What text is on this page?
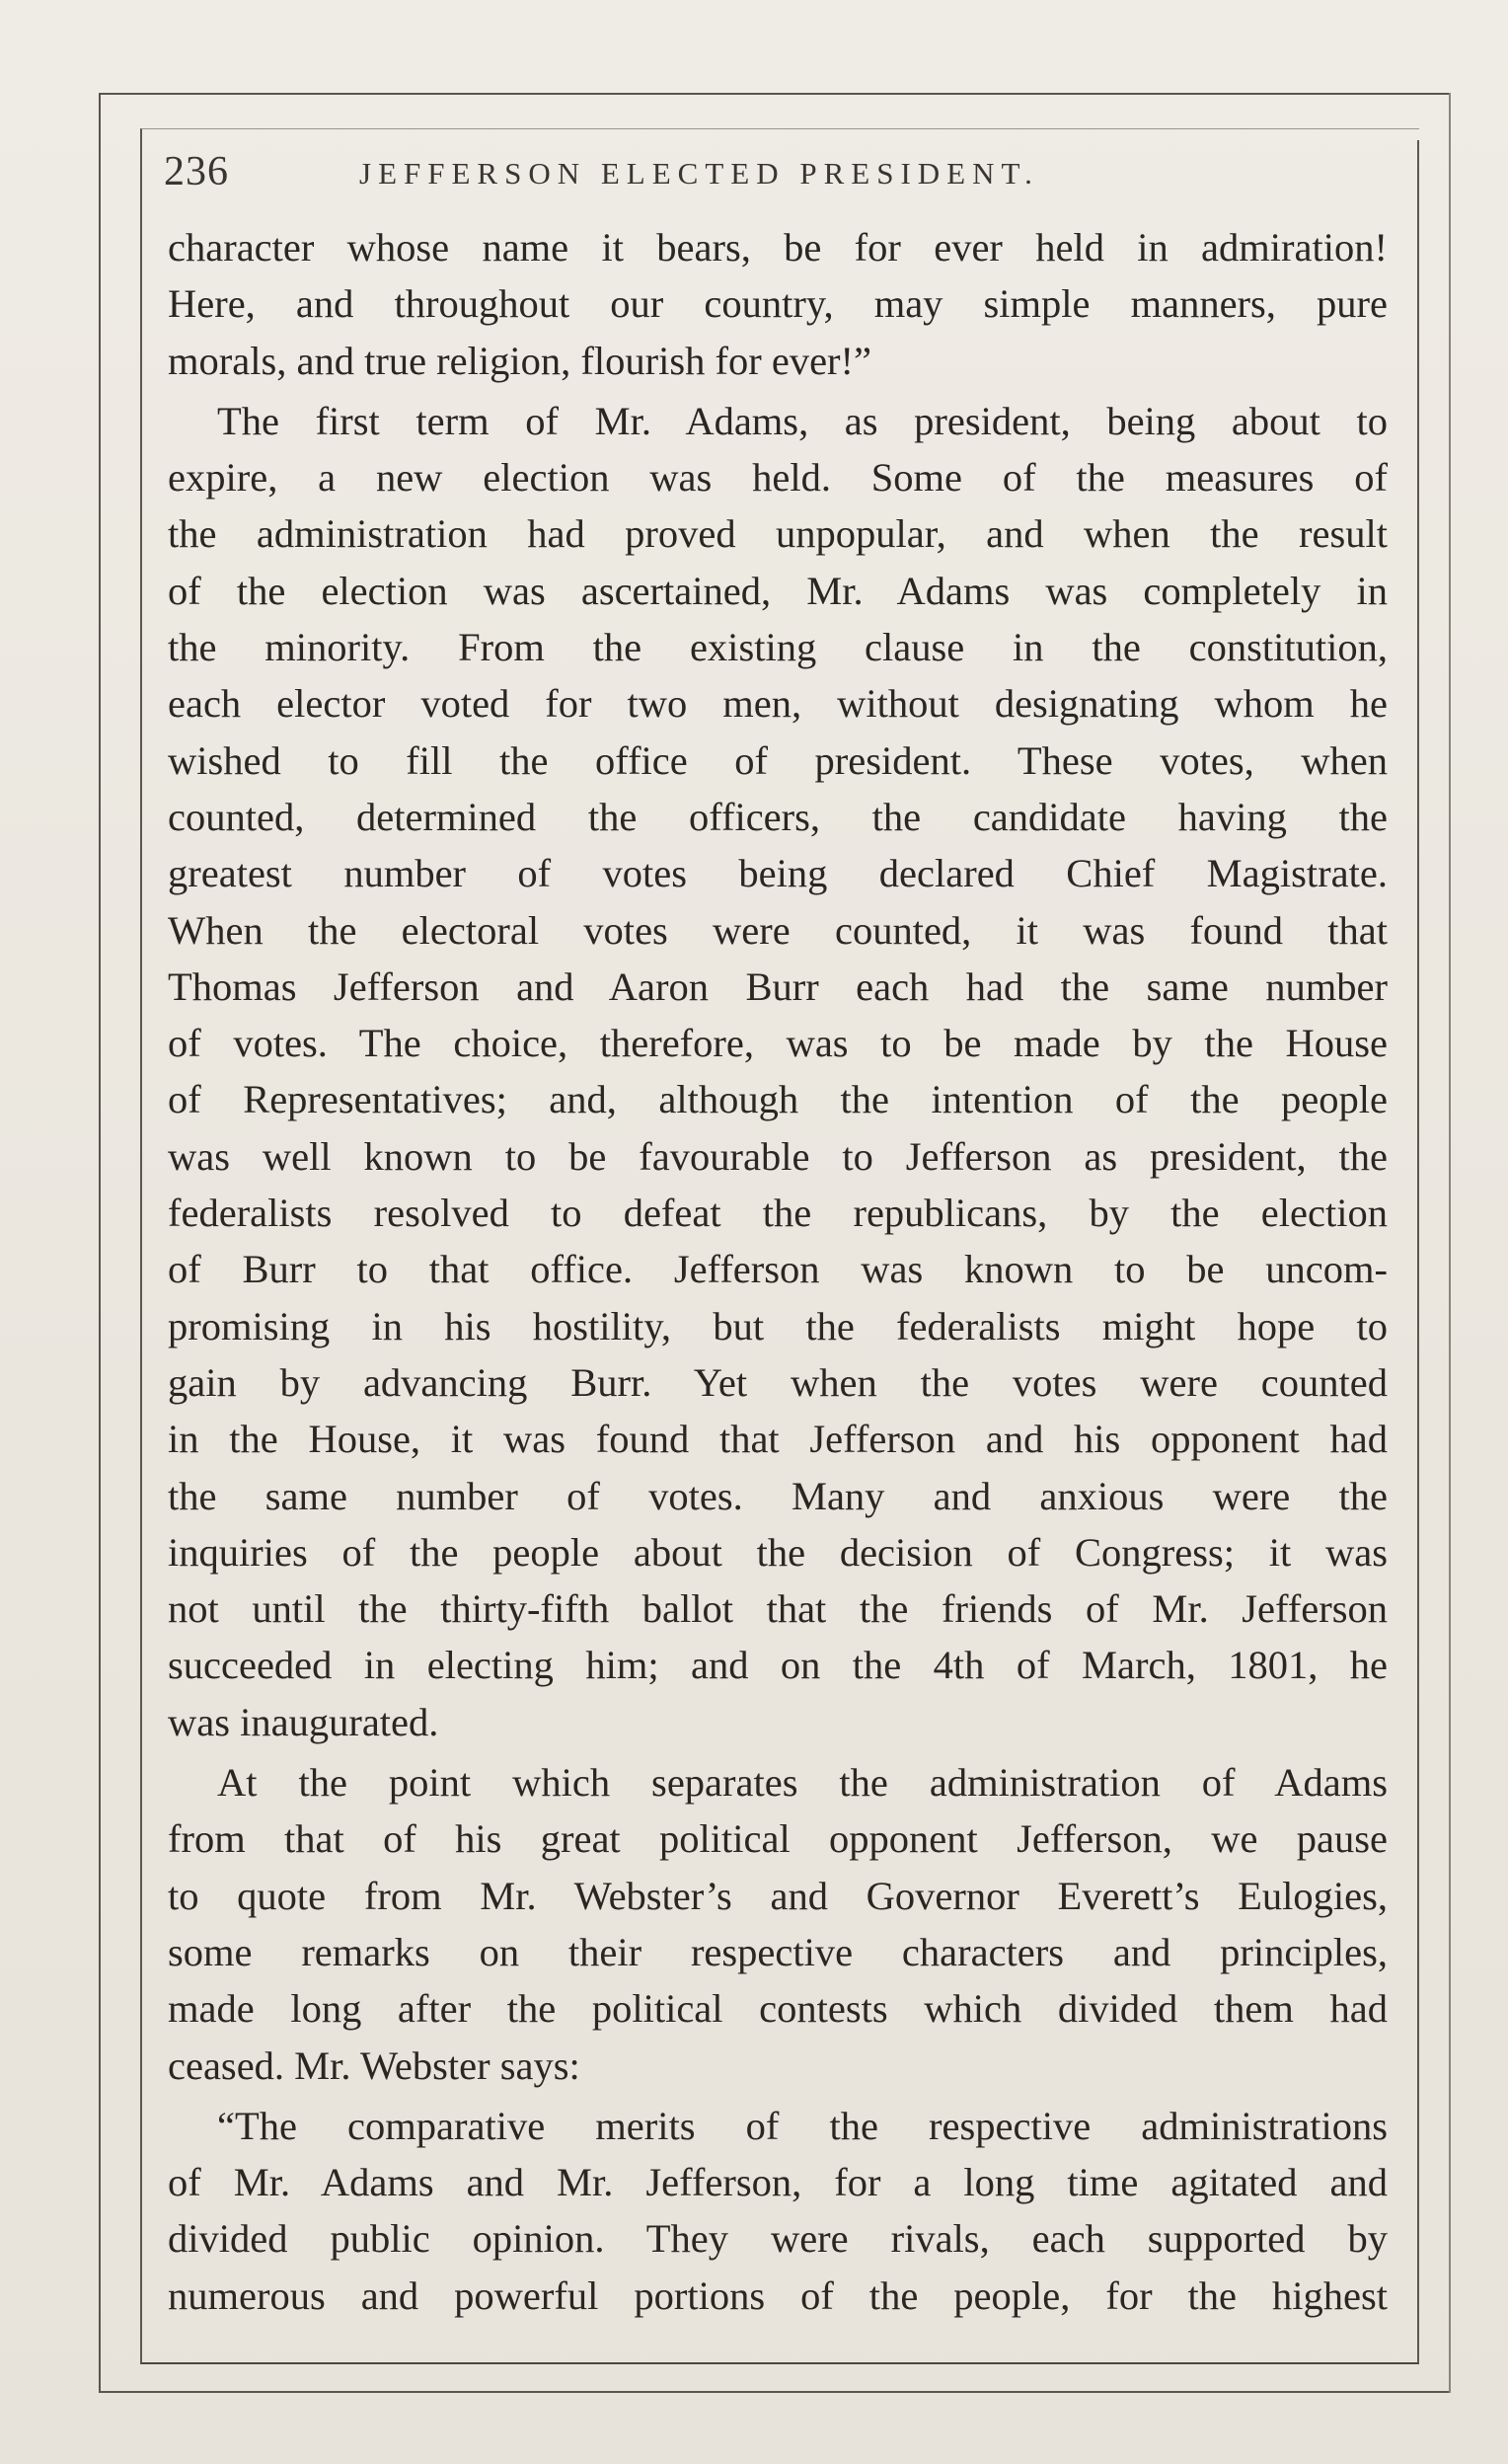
236	JEFFERSON ELECTED PRESIDENT.
character whose name it bears, be for ever held in admiration!
Here, and throughout our country, may simple manners, pure
morals, and true religion, flourish for ever!”
The first term of Mr. Adams, as president, being about to
expire, a new election was held. Some of the measures of
the administration had proved unpopular, and when the result
of the election was ascertained, Mr. Adams was completely in
the minority. From the existing clause in the constitution,
each elector voted for two men, without designating whom he
wished to fill the office of president. These votes, when
counted, determined the officers, the candidate having the
greatest number of votes being declared Chief Magistrate.
When the electoral votes were counted, it was found that
Thomas Jefferson and Aaron Burr each had the same number
of votes. The choice, therefore, was to be made by the House
of Representatives; and, although the intention of the people
was well known to be favourable to Jefferson as president, the
federalists resolved to defeat the republicans, by the election
of Burr to that office. Jefferson was known to be uncom-
promising in his hostility, but the federalists might hope to
gain by advancing Burr. Yet when the votes were counted
in the House, it was found that Jefferson and his opponent had
the same number of votes. Many and anxious were the
inquiries of the people about the decision of Congress; it was
not until the thirty-fifth ballot that the friends of Mr. Jefferson
succeeded in electing him; and on the 4th of March, 1801, he
was inaugurated.
At the point which separates the administration of Adams
from that of his great political opponent Jefferson, we pause
to quote from Mr. Webster’s and Governor Everett’s Eulogies,
some remarks on their respective characters and principles,
made long after the political contests which divided them had
ceased. Mr. Webster says:
“The comparative merits of the respective administrations
of Mr. Adams and Mr. Jefferson, for a long time agitated and
divided public opinion. They were rivals, each supported by
numerous and powerful portions of the people, for the highest
